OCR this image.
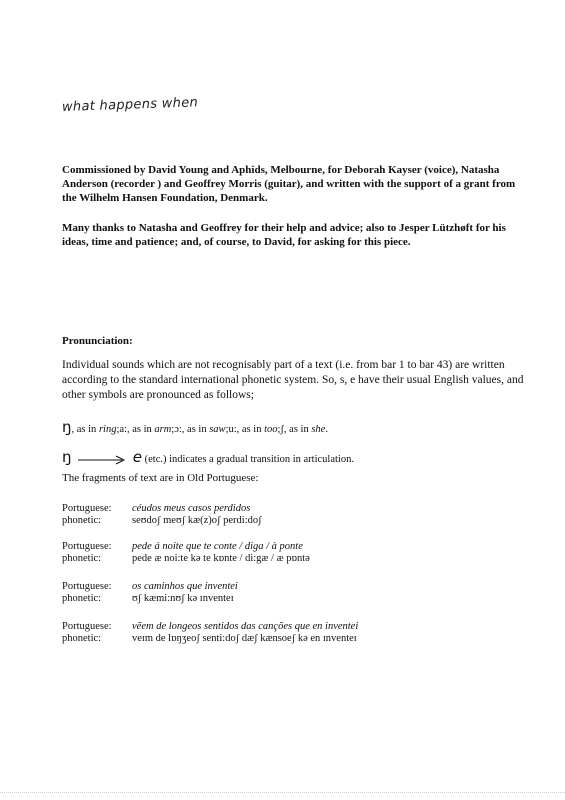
what happens when
Commissioned by David Young and Aphids, Melbourne, for Deborah Kayser (voice), Natasha Anderson (recorder ) and Geoffrey Morris (guitar), and written with the support of a grant from the Wilhelm Hansen Foundation, Denmark.
Many thanks to Natasha and Geoffrey for their help and advice; also to Jesper Lützhøft for his ideas, time and patience; and, of course, to David, for asking for this piece.
Pronunciation:
Individual sounds which are not recognisably part of a text (i.e. from bar 1 to bar 43) are written according to the standard international phonetic system. So, s, e have their usual English values, and other symbols are pronounced as follows;
ŋ, as in ring;a:, as in arm;ɔ:, as in saw;u:, as in too;ʃ, as in she.
ŋ	e (etc.) indicates a gradual transition in articulation.
The fragments of text are in Old Portuguese:
Portuguese: céudos meus casos perdidos
phonetic:	seʊdoʃ meʊʃ kæ(z)oʃ perdi:doʃ
Portuguese: pede á noite que te conte / diga / à ponte
phonetic:	pede æ noi:te kə te kɒnte / di:gæ / æ pɒntə
Portuguese: os caminhos que inventei
phonetic:	ʊʃ kæmi:nʊʃ kə ɪnventeɪ
Portuguese: vẽem de longeos sentidos das canções que en inventei
phonetic:	veɪm de lɒŋʒeoʃ senti:doʃ dæʃ kænsoeʃ kə en ɪnventeɪ
